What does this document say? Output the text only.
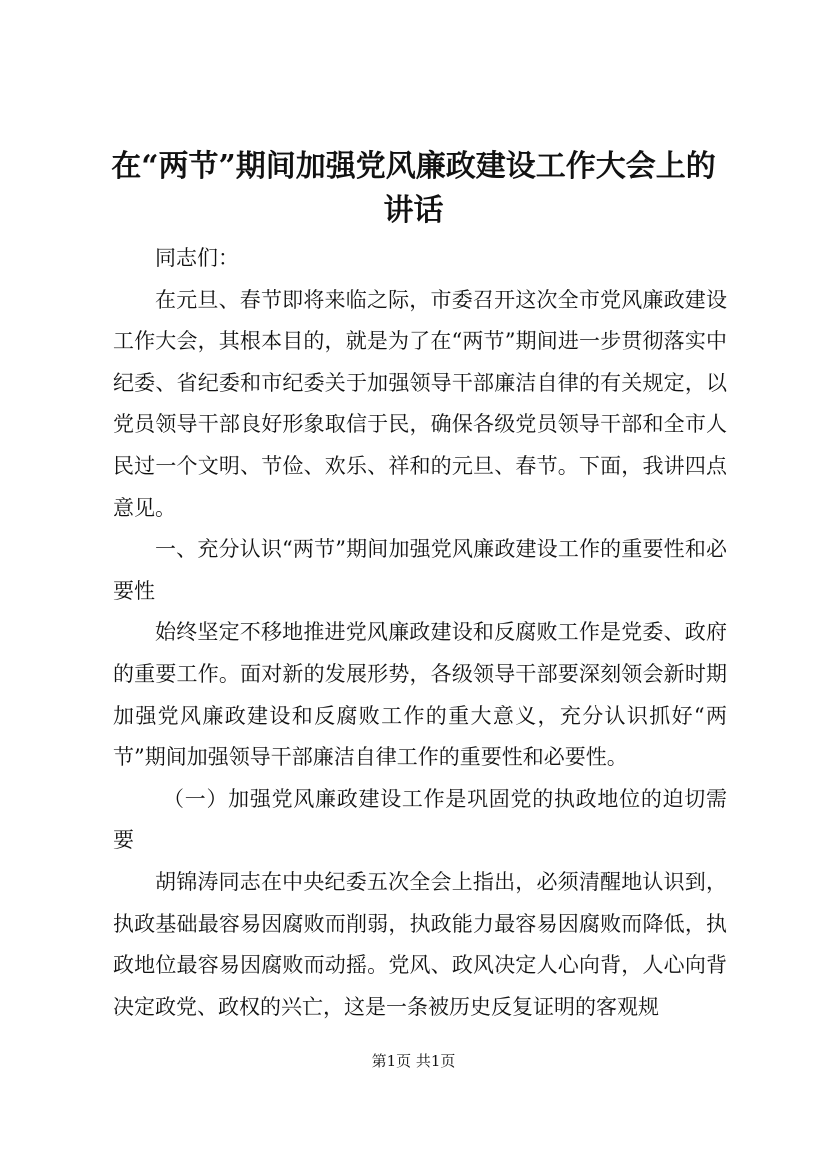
在“两节”期间加强党风廉政建设工作大会上的讲话

同志们：

在元旦、春节即将来临之际，市委召开这次全市党风廉政建设工作大会，其根本目的，就是为了在“两节”期间进一步贯彻落实中纪委、省纪委和市纪委关于加强领导干部廉洁自律的有关规定，以党员领导干部良好形象取信于民，确保各级党员领导干部和全市人民过一个文明、节俭、欢乐、祥和的元旦、春节。下面，我讲四点意见。

一、充分认识“两节”期间加强党风廉政建设工作的重要性和必要性

始终坚定不移地推进党风廉政建设和反腐败工作是党委、政府的重要工作。面对新的发展形势，各级领导干部要深刻领会新时期加强党风廉政建设和反腐败工作的重大意义，充分认识抓好“两节”期间加强领导干部廉洁自律工作的重要性和必要性。

（一）加强党风廉政建设工作是巩固党的执政地位的迫切需要

胡锦涛同志在中央纪委五次全会上指出，必须清醒地认识到，执政基础最容易因腐败而削弱，执政能力最容易因腐败而降低，执政地位最容易因腐败而动摇。党风、政风决定人心向背，人心向背决定政党、政权的兴亡，这是一条被历史反复证明的客观规

第1页 共1页
